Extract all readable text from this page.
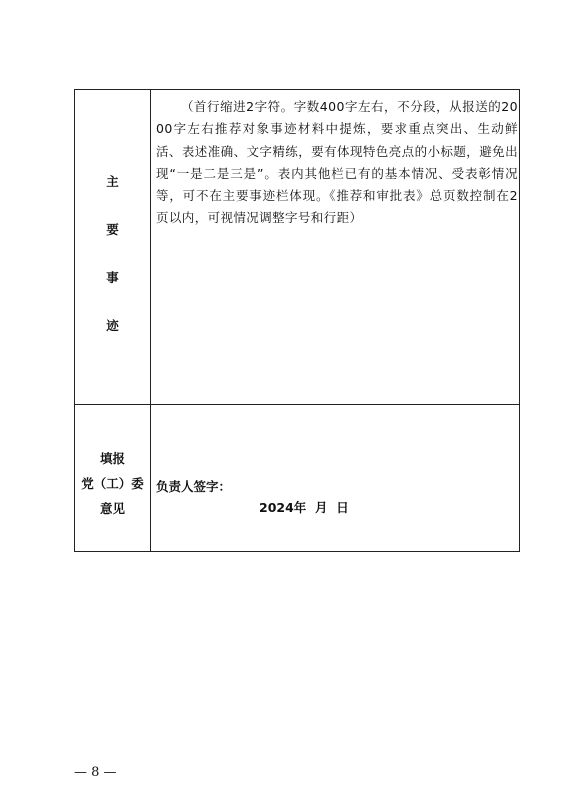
主
要
事
迹

（首行缩进2字符。字数400字左右，不分段，从报送的2000字左右推荐对象事迹材料中提炼，要求重点突出、生动鲜活、表述准确、文字精练，要有体现特色亮点的小标题，避免出现“一是二是三是”。表内其他栏已有的基本情况、受表彰情况等，可不在主要事迹栏体现。《推荐和审批表》总页数控制在2页以内，可视情况调整字号和行距）

填报
党（工）委
意见
负责人签字：
2024年  月  日
— 8 —
